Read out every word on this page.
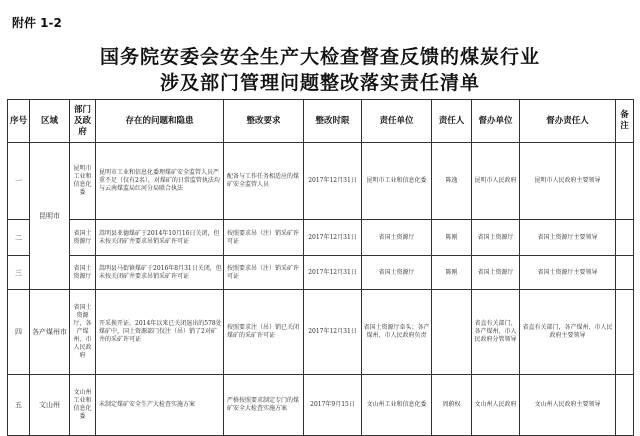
附件 1-2
国务院安委会安全生产大检查督查反馈的煤炭行业
涉及部门管理问题整改落实责任清单
序号	区域	部门及政府	存在的问题和隐患	整改要求	整改时限	责任单位	责任人	督办单位	督办责任人	备注
一	昆明市	昆明市工业和信息化委	昆明市工业和信息化委理煤矿安全监管人员严重不足（仅有2名），对煤矿的日常监管执法均与云南煤监局红河分局联合执法	配备与工作任务相适应的煤矿安全监管人员	2017年12月31日	昆明市工业和信息化委	陈逸	昆明市人民政府	昆明市人民政府主要领导	
二		省国土资源厅	嵩明县亚德煤矿于2014年10月16日关闭，但未按关闭矿井要求吊销采矿许可证	按照要求吊（注）销采矿许可证	2017年12月31日	省国土资源厅	陈刚	省国土资源厅	省国土资源厅主要领导	
三		省国土资源厅	嵩明县马街镇煤矿于2016年8月31日关闭，但未按关闭矿井要求吊销采矿许可证	按照要求吊（注）销采矿许可证	2017年12月31日	省国土资源厅	陈刚	省国土资源厅	省国土资源厅主要领导	
四	各产煤州市	省国土资源厅，各产煤州、市人民政府	开采换开证。2014年以来已关闭退出的578处煤矿中，国土资源部门仅注（吊）销了2对矿井的采矿许可证	按照要求注（吊）销已关闭煤矿的采矿许可证	2017年12月31日	省国土资源厅牵头；各产煤州、市人民政府负责		省直有关部门、各产煤州、市人民政府分管领导	省直有关部门，各产煤州、市人民政府主要领导	
五	文山州	文山州工业和信息化委	未制定煤矿安全生产大检查实施方案	严格按照要求制定专门的煤矿安全大检查实施方案	2017年9月15日	文山州工业和信息化委	周蔚权	文山州人民政府	文山州人民政府主要领导	
